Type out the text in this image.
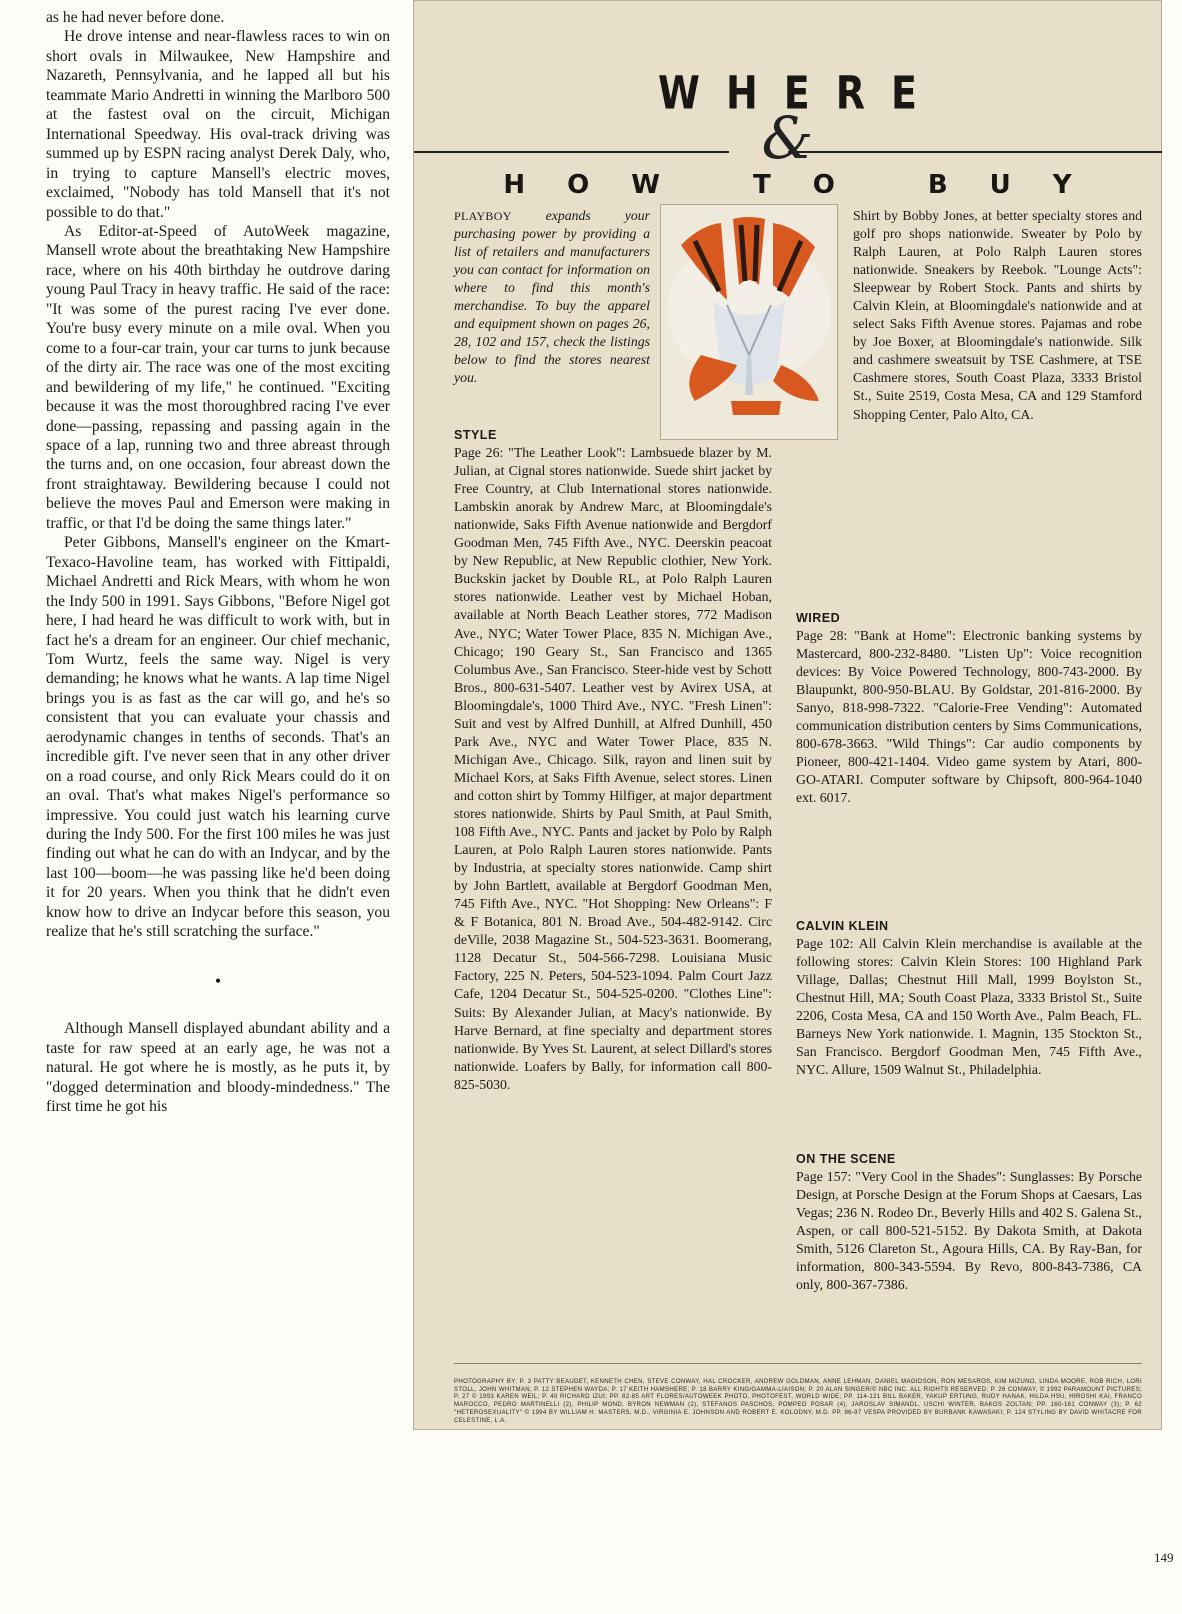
as he had never before done.

He drove intense and near-flawless races to win on short ovals in Milwaukee, New Hampshire and Nazareth, Pennsylvania, and he lapped all but his teammate Mario Andretti in winning the Marlboro 500 at the fastest oval on the circuit, Michigan International Speedway. His oval-track driving was summed up by ESPN racing analyst Derek Daly, who, in trying to capture Mansell's electric moves, exclaimed, "Nobody has told Mansell that it's not possible to do that."

As Editor-at-Speed of AutoWeek magazine, Mansell wrote about the breathtaking New Hampshire race, where on his 40th birthday he outdrove daring young Paul Tracy in heavy traffic. He said of the race: "It was some of the purest racing I've ever done. You're busy every minute on a mile oval. When you come to a four-car train, your car turns to junk because of the dirty air. The race was one of the most exciting and bewildering of my life," he continued. "Exciting because it was the most thoroughbred racing I've ever done—passing, repassing and passing again in the space of a lap, running two and three abreast through the turns and, on one occasion, four abreast down the front straightaway. Bewildering because I could not believe the moves Paul and Emerson were making in traffic, or that I'd be doing the same things later."

Peter Gibbons, Mansell's engineer on the Kmart-Texaco-Havoline team, has worked with Fittipaldi, Michael Andretti and Rick Mears, with whom he won the Indy 500 in 1991. Says Gibbons, "Before Nigel got here, I had heard he was difficult to work with, but in fact he's a dream for an engineer. Our chief mechanic, Tom Wurtz, feels the same way. Nigel is very demanding; he knows what he wants. A lap time Nigel brings you is as fast as the car will go, and he's so consistent that you can evaluate your chassis and aerodynamic changes in tenths of seconds. That's an incredible gift. I've never seen that in any other driver on a road course, and only Rick Mears could do it on an oval. That's what makes Nigel's performance so impressive. You could just watch his learning curve during the Indy 500. For the first 100 miles he was just finding out what he can do with an Indycar, and by the last 100—boom—he was passing like he'd been doing it for 20 years. When you think that he didn't even know how to drive an Indycar before this season, you realize that he's still scratching the surface."

•

Although Mansell displayed abundant ability and a taste for raw speed at an early age, he was not a natural. He got where he is mostly, as he puts it, by "dogged determination and bloody-mindedness." The first time he got his

WHERE
&
HOW TO BUY

PLAYBOY expands your purchasing power by providing a list of retailers and manufacturers you can contact for information on where to find this month's merchandise. To buy the apparel and equipment shown on pages 26, 28, 102 and 157, check the listings below to find the stores nearest you.

Shirt by Bobby Jones, at better specialty stores and golf pro shops nationwide. Sweater by Polo by Ralph Lauren, at Polo Ralph Lauren stores nationwide. Sneakers by Reebok. "Lounge Acts": Sleepwear by Robert Stock. Pants and shirts by Calvin Klein, at Bloomingdale's nationwide and at select Saks Fifth Avenue stores. Pajamas and robe by Joe Boxer, at Bloomingdale's nationwide. Silk and cashmere sweatsuit by TSE Cashmere, at TSE Cashmere stores, South Coast Plaza, 3333 Bristol St., Suite 2519, Costa Mesa, CA and 129 Stamford Shopping Center, Palo Alto, CA.

STYLE

Page 26: "The Leather Look": Lambsuede blazer by M. Julian, at Cignal stores nationwide. Suede shirt jacket by Free Country, at Club International stores nationwide. Lambskin anorak by Andrew Marc, at Bloomingdale's nationwide, Saks Fifth Avenue nationwide and Bergdorf Goodman Men, 745 Fifth Ave., NYC. Deerskin peacoat by New Republic, at New Republic clothier, New York. Buckskin jacket by Double RL, at Polo Ralph Lauren stores nationwide. Leather vest by Michael Hoban, available at North Beach Leather stores, 772 Madison Ave., NYC; Water Tower Place, 835 N. Michigan Ave., Chicago; 190 Geary St., San Francisco and 1365 Columbus Ave., San Francisco. Steer-hide vest by Schott Bros., 800-631-5407. Leather vest by Avirex USA, at Bloomingdale's, 1000 Third Ave., NYC. "Fresh Linen": Suit and vest by Alfred Dunhill, at Alfred Dunhill, 450 Park Ave., NYC and Water Tower Place, 835 N. Michigan Ave., Chicago. Silk, rayon and linen suit by Michael Kors, at Saks Fifth Avenue, select stores. Linen and cotton shirt by Tommy Hilfiger, at major department stores nationwide. Shirts by Paul Smith, at Paul Smith, 108 Fifth Ave., NYC. Pants and jacket by Polo by Ralph Lauren, at Polo Ralph Lauren stores nationwide. Pants by Industria, at specialty stores nationwide. Camp shirt by John Bartlett, available at Bergdorf Goodman Men, 745 Fifth Ave., NYC. "Hot Shopping: New Orleans": F & F Botanica, 801 N. Broad Ave., 504-482-9142. Circ deVille, 2038 Magazine St., 504-523-3631. Boomerang, 1128 Decatur St., 504-566-7298. Louisiana Music Factory, 225 N. Peters, 504-523-1094. Palm Court Jazz Cafe, 1204 Decatur St., 504-525-0200. "Clothes Line": Suits: By Alexander Julian, at Macy's nationwide. By Harve Bernard, at fine specialty and department stores nationwide. By Yves St. Laurent, at select Dillard's stores nationwide. Loafers by Bally, for information call 800-825-5030.

WIRED

Page 28: "Bank at Home": Electronic banking systems by Mastercard, 800-232-8480. "Listen Up": Voice recognition devices: By Voice Powered Technology, 800-743-2000. By Blaupunkt, 800-950-BLAU. By Goldstar, 201-816-2000. By Sanyo, 818-998-7322. "Calorie-Free Vending": Automated communication distribution centers by Sims Communications, 800-678-3663. "Wild Things": Car audio components by Pioneer, 800-421-1404. Video game system by Atari, 800-GO-ATARI. Computer software by Chipsoft, 800-964-1040 ext. 6017.

CALVIN KLEIN

Page 102: All Calvin Klein merchandise is available at the following stores: Calvin Klein Stores: 100 Highland Park Village, Dallas; Chestnut Hill Mall, 1999 Boylston St., Chestnut Hill, MA; South Coast Plaza, 3333 Bristol St., Suite 2206, Costa Mesa, CA and 150 Worth Ave., Palm Beach, FL. Barneys New York nationwide. I. Magnin, 135 Stockton St., San Francisco. Bergdorf Goodman Men, 745 Fifth Ave., NYC. Allure, 1509 Walnut St., Philadelphia.

ON THE SCENE

Page 157: "Very Cool in the Shades": Sunglasses: By Porsche Design, at Porsche Design at the Forum Shops at Caesars, Las Vegas; 236 N. Rodeo Dr., Beverly Hills and 402 S. Galena St., Aspen, or call 800-521-5152. By Dakota Smith, at Dakota Smith, 5126 Clareton St., Agoura Hills, CA. By Ray-Ban, for information, 800-343-5594. By Revo, 800-843-7386, CA only, 800-367-7386.

PHOTOGRAPHY BY: P. 3 PATTY BEAUDET, KENNETH CHEN, STEVE CONWAY, HAL CROCKER, ANDREW GOLDMAN, ANNE LEHMAN, DANIEL MAGIDSON, RON MESAROS, KIM MIZUNO, LINDA MOORE, ROB RICH, LORI STOLL, JOHN WHITMAN; P. 12 STEPHEN WAYDA; P. 17 KEITH HAMSHERE; P. 18 BARRY KING/GAMMA-LIAISON; P. 20 ALAN SINGER/© NBC INC. ALL RIGHTS RESERVED; P. 26 CONWAY, © 1992 PARAMOUNT PICTURES; P. 27 © 1993 KAREN WEIL; P. 40 RICHARD IZUI; PP. 82-85 ART FLORES/AUTOWEEK PHOTO, PHOTOFEST, WORLD WIDE; PP. 114-121 BILL BAKER, YAKUP ERTUNG, RUDY HANAK, HILDA HSU, HIROSHI KAI, FRANCO MAROCCO, PEDRO MARTINELLI (2), PHILIP MOND, BYRON NEWMAN (2), STEFANOS PASCHOS, POMPEO POSAR (4), JAROSLAV SIMANDL, USCHI WINTER, BAKOS ZOLTAN; PP. 160-161 CONWAY (3); P. 62 "HETEROSEXUALITY" © 1994 BY WILLIAM H. MASTERS, M.D., VIRGINIA E. JOHNSON AND ROBERT E. KOLODNY, M.D. PP. 86-97 VESPA PROVIDED BY BURBANK KAWASAKI; P. 124 STYLING BY DAVID WHITACRE FOR CELESTINE, L.A.
149
